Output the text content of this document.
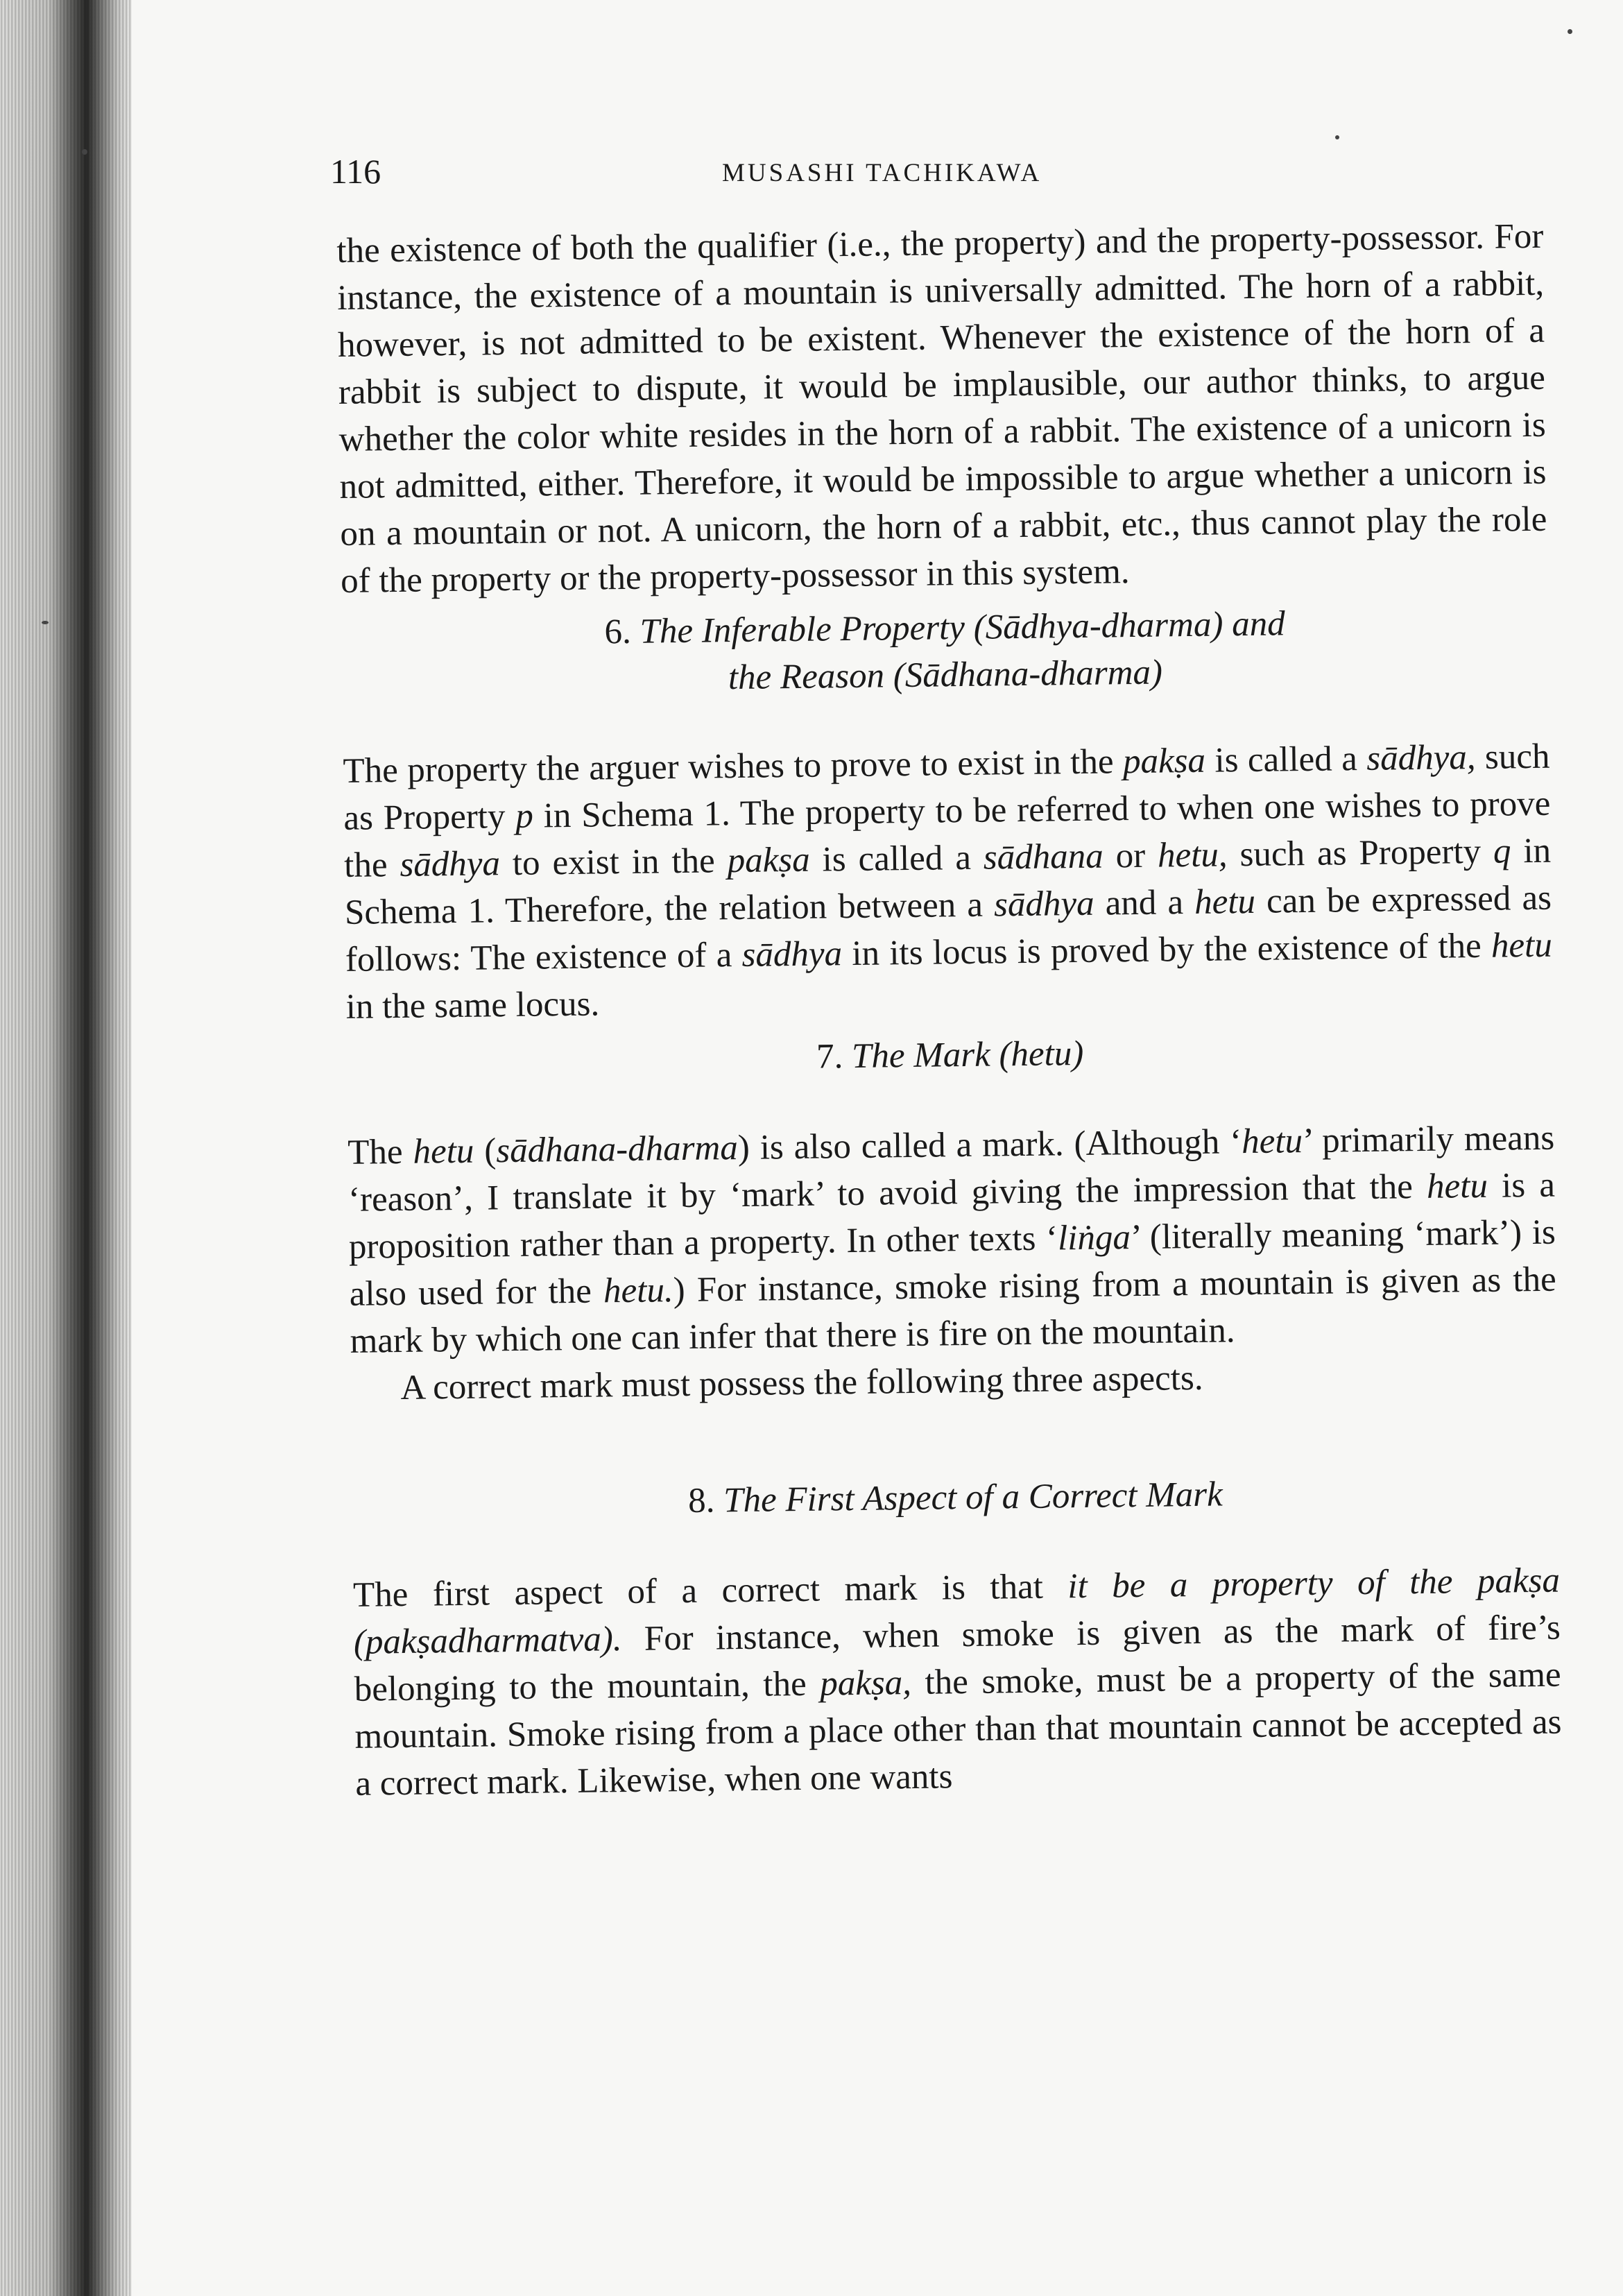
116	MUSASHI TACHIKAWA

the existence of both the qualifier (i.e., the property) and the property-possessor. For instance, the existence of a mountain is universally admitted. The horn of a rabbit, however, is not admitted to be existent. Whenever the existence of the horn of a rabbit is subject to dispute, it would be implausible, our author thinks, to argue whether the color white resides in the horn of a rabbit. The existence of a unicorn is not admitted, either. Therefore, it would be impossible to argue whether a unicorn is on a mountain or not. A unicorn, the horn of a rabbit, etc., thus cannot play the role of the property or the property-possessor in this system.

6. The Inferable Property (Sādhya-dharma) and
the Reason (Sādhana-dharma)

The property the arguer wishes to prove to exist in the pakṣa is called a sādhya, such as Property p in Schema 1. The property to be referred to when one wishes to prove the sādhya to exist in the pakṣa is called a sādhana or hetu, such as Property q in Schema 1. Therefore, the relation between a sādhya and a hetu can be expressed as follows: The existence of a sādhya in its locus is proved by the existence of the hetu in the same locus.

7. The Mark (hetu)

The hetu (sādhana-dharma) is also called a mark. (Although ‘hetu’ primarily means ‘reason’, I translate it by ‘mark’ to avoid giving the impression that the hetu is a proposition rather than a property. In other texts ‘liṅga’ (literally meaning ‘mark’) is also used for the hetu.) For instance, smoke rising from a mountain is given as the mark by which one can infer that there is fire on the mountain.

A correct mark must possess the following three aspects.

8. The First Aspect of a Correct Mark

The first aspect of a correct mark is that it be a property of the pakṣa (pakṣadharmatva). For instance, when smoke is given as the mark of fire’s belonging to the mountain, the pakṣa, the smoke, must be a property of the same mountain. Smoke rising from a place other than that mountain cannot be accepted as a correct mark. Likewise, when one wants
